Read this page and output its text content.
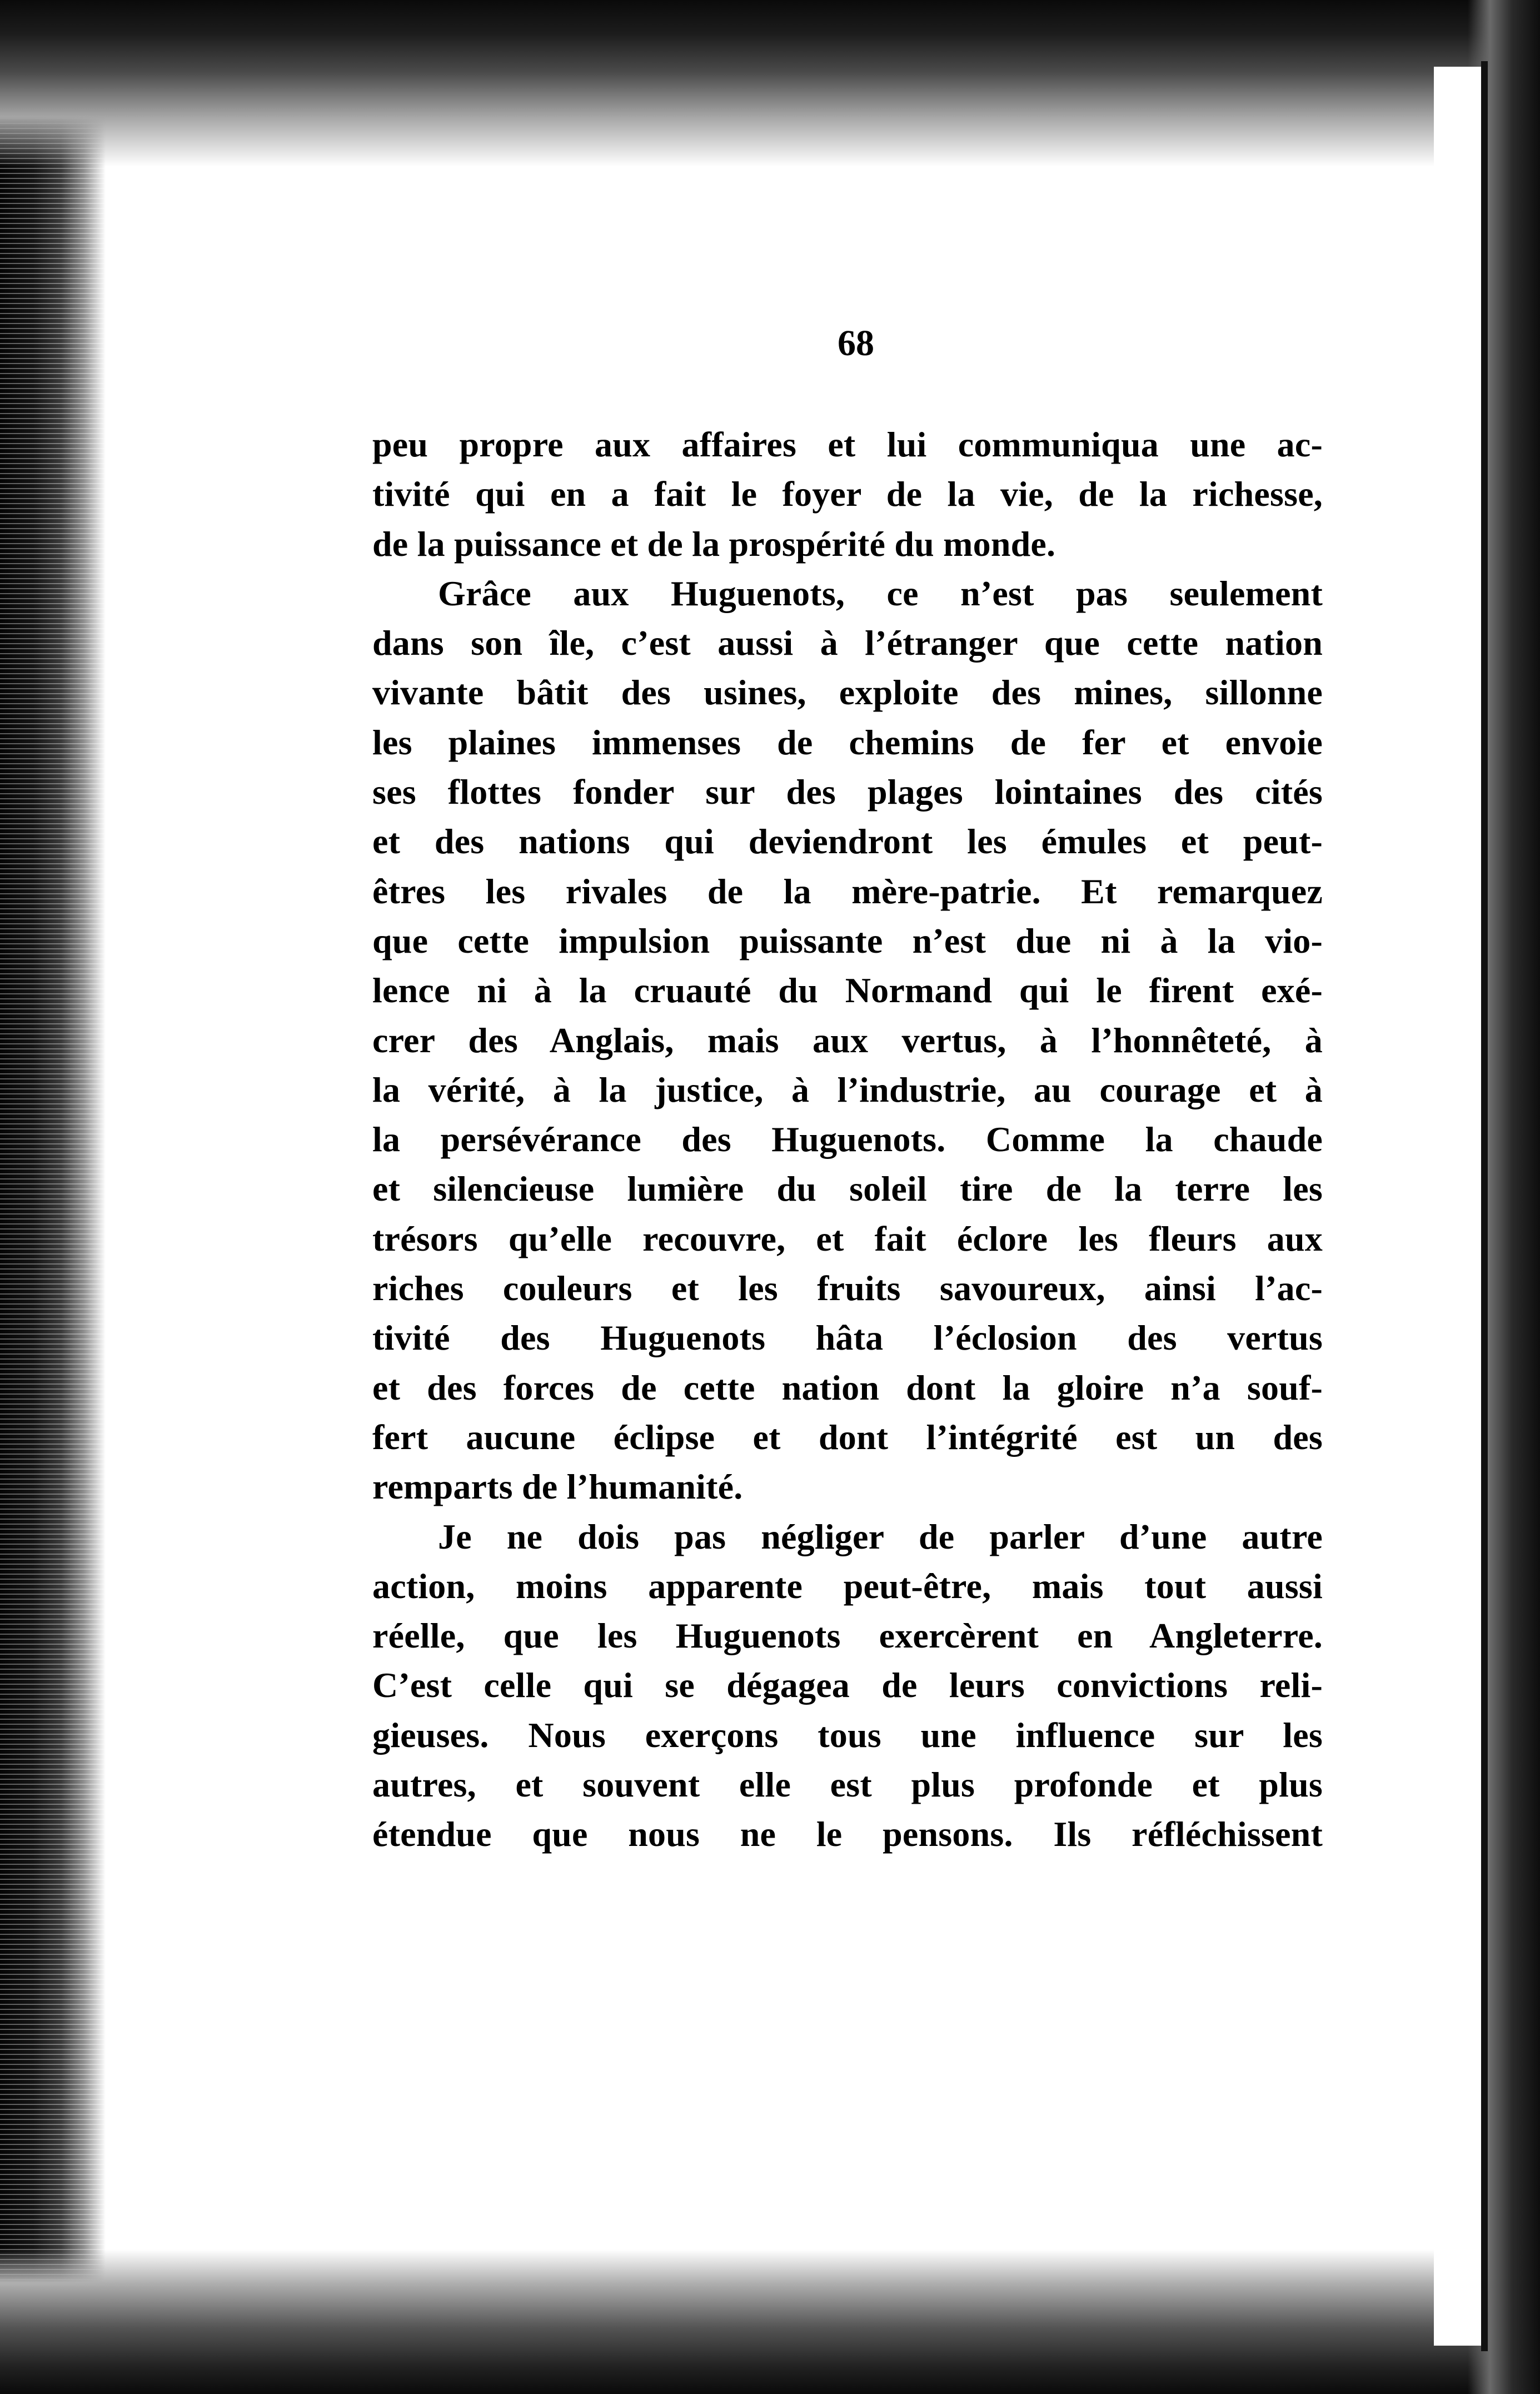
68
peu propre aux affaires et lui communiqua une ac-
tivité qui en a fait le foyer de la vie, de la richesse,
de la puissance et de la prospérité du monde.
Grâce aux Huguenots, ce n’est pas seulement
dans son île, c’est aussi à l’étranger que cette nation
vivante bâtit des usines, exploite des mines, sillonne
les plaines immenses de chemins de fer et envoie
ses flottes fonder sur des plages lointaines des cités
et des nations qui deviendront les émules et peut-
êtres les rivales de la mère-patrie. Et remarquez
que cette impulsion puissante n’est due ni à la vio-
lence ni à la cruauté du Normand qui le firent exé-
crer des Anglais, mais aux vertus, à l’honnêteté, à
la vérité, à la justice, à l’industrie, au courage et à
la persévérance des Huguenots. Comme la chaude
et silencieuse lumière du soleil tire de la terre les
trésors qu’elle recouvre, et fait éclore les fleurs aux
riches couleurs et les fruits savoureux, ainsi l’ac-
tivité des Huguenots hâta l’éclosion des vertus
et des forces de cette nation dont la gloire n’a souf-
fert aucune éclipse et dont l’intégrité est un des
remparts de l’humanité.
Je ne dois pas négliger de parler d’une autre
action, moins apparente peut-être, mais tout aussi
réelle, que les Huguenots exercèrent en Angleterre.
C’est celle qui se dégagea de leurs convictions reli-
gieuses. Nous exerçons tous une influence sur les
autres, et souvent elle est plus profonde et plus
étendue que nous ne le pensons. Ils réfléchissent
